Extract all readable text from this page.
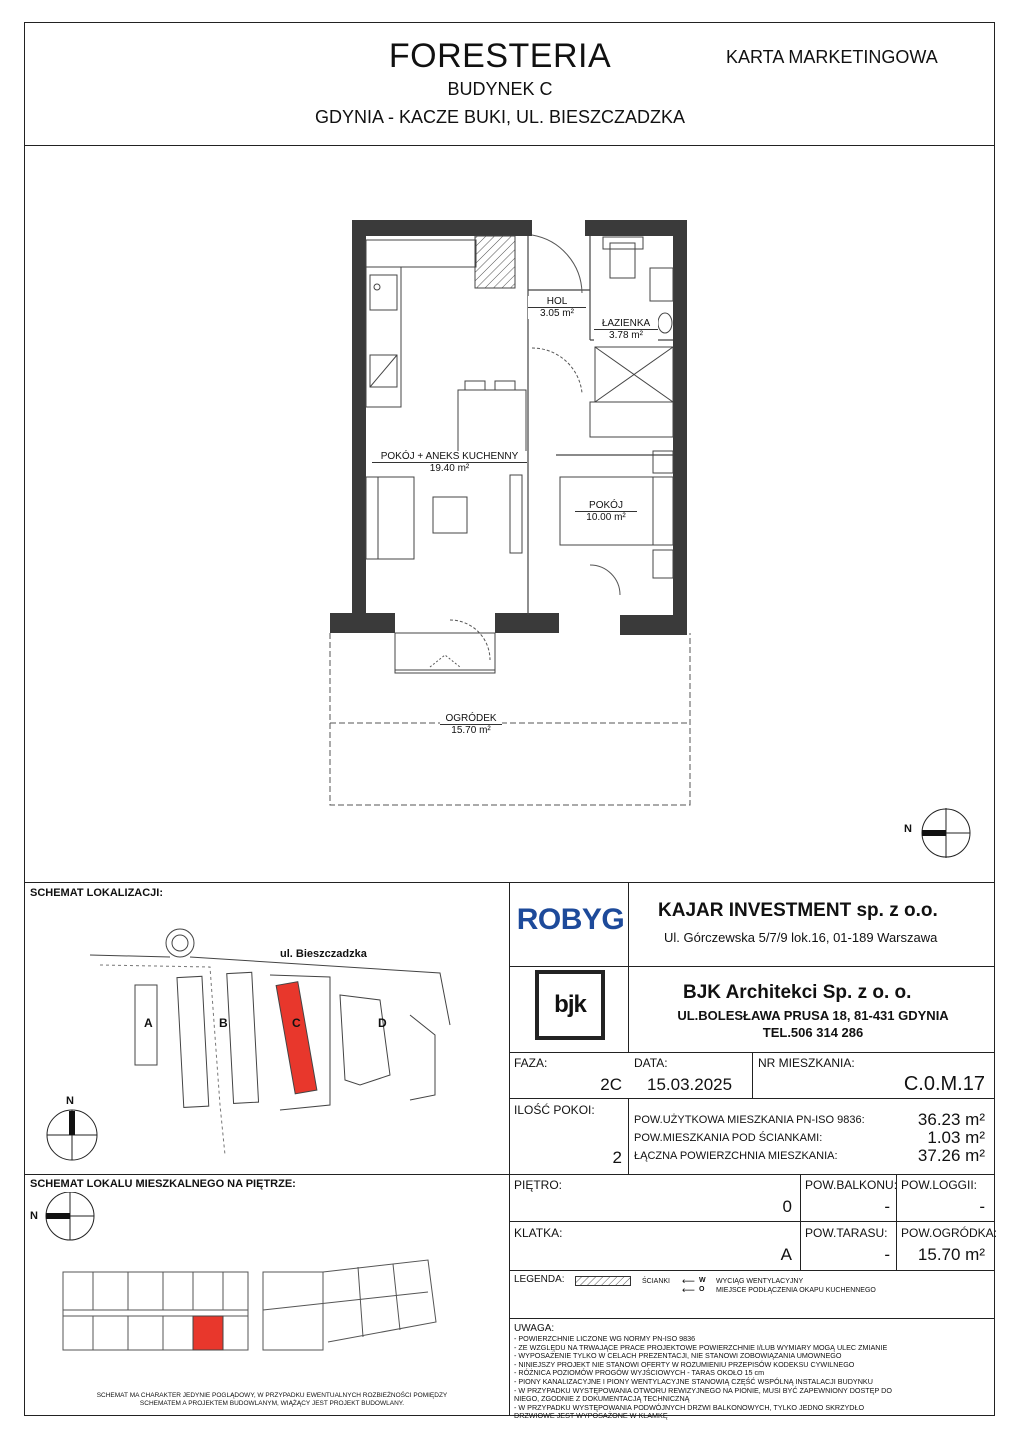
FORESTERIA
BUDYNEK C
GDYNIA - KACZE BUKI, UL. BIESZCZADZKA
KARTA MARKETINGOWA
HOL
3.05 m²
ŁAZIENKA
3.78 m²
POKÓJ + ANEKS KUCHENNY
19.40 m²
POKÓJ
10.00 m²
OGRÓDEK
15.70 m²
N
SCHEMAT LOKALIZACJI:
ul. Bieszczadzka
A	B	C	D
N
SCHEMAT LOKALU MIESZKALNEGO NA PIĘTRZE:
N
SCHEMAT MA CHARAKTER JEDYNIE POGLĄDOWY, W PRZYPADKU EWENTUALNYCH ROZBIEŻNOŚCI POMIĘDZY SCHEMATEM A PROJEKTEM BUDOWLANYM, WIĄŻĄCY JEST PROJEKT BUDOWLANY.
ROBYG KAJAR INVESTMENT sp. z o.o.
Ul. Górczewska 5/7/9 lok.16, 01-189 Warszawa
bjk	BJK Architekci Sp. z o. o.
UL.BOLESŁAWA PRUSA 18, 81-431 GDYNIA
TEL.506 314 286
FAZA:
2C
DATA:
15.03.2025
NR MIESZKANIA:
C.0.M.17
ILOŚĆ POKOI:
2
POW.UŻYTKOWA MIESZKANIA PN-ISO 9836:	36.23 m²
POW.MIESZKANIA POD ŚCIANKAMI:	1.03 m²
ŁĄCZNA POWIERZCHNIA MIESZKANIA:	37.26 m²
PIĘTRO:
0
POW.BALKONU:
-
POW.LOGGII:
-
KLATKA:
A
POW.TARASU:
-
POW.OGRÓDKA:
15.70 m²
LEGENDA:	ŚCIANKI ⟵ W
⟵ O
WYCIĄG WENTYLACYJNY
MIEJSCE PODŁĄCZENIA OKAPU KUCHENNEGO
UWAGA:
- POWIERZCHNIE LICZONE WG NORMY PN-ISO 9836
- ZE WZGLĘDU NA TRWAJĄCE PRACE PROJEKTOWE POWIERZCHNIE I/LUB WYMIARY MOGĄ ULEC ZMIANIE
- WYPOSAŻENIE TYLKO W CELACH PREZENTACJI, NIE STANOWI ZOBOWIĄZANIA UMOWNEGO
- NINIEJSZY PROJEKT NIE STANOWI OFERTY W ROZUMIENIU PRZEPISÓW KODEKSU CYWILNEGO
- RÓŻNICA POZIOMÓW PROGÓW WYJŚCIOWYCH - TARAS OKOŁO 15 cm
- PIONY KANALIZACYJNE I PIONY WENTYLACYJNE STANOWIĄ CZĘŚĆ WSPÓLNĄ INSTALACJI BUDYNKU
- W PRZYPADKU WYSTĘPOWANIA OTWORU REWIZYJNEGO NA PIONIE, MUSI BYĆ ZAPEWNIONY DOSTĘP DO NIEGO, ZGODNIE Z DOKUMENTACJĄ TECHNICZNĄ
- W PRZYPADKU WYSTĘPOWANIA PODWÓJNYCH DRZWI BALKONOWYCH, TYLKO JEDNO SKRZYDŁO DRZWIOWE JEST WYPOSAŻONE W KLAMKĘ
